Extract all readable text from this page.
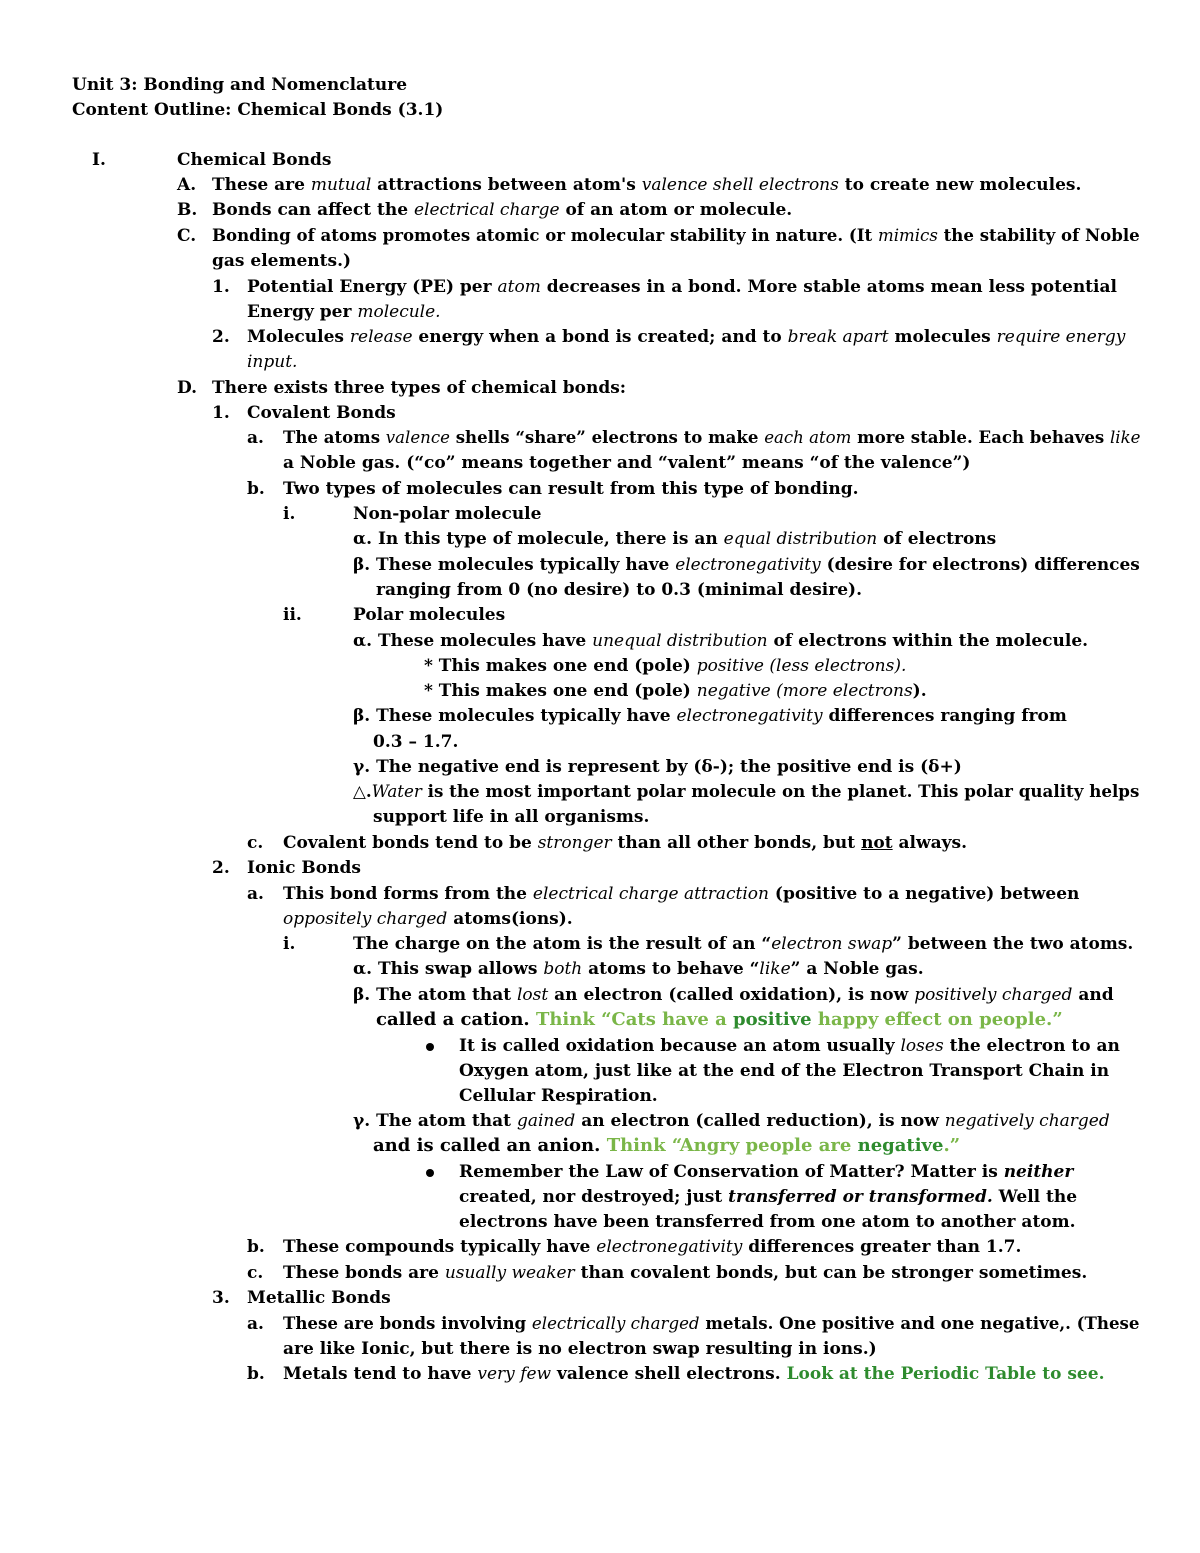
Unit 3: Bonding and Nomenclature
Content Outline: Chemical Bonds (3.1)
I.	Chemical Bonds
A. These are mutual attractions between atom's valence shell electrons to create new molecules.
B. Bonds can affect the electrical charge of an atom or molecule.
C. Bonding of atoms promotes atomic or molecular stability in nature. (It mimics the stability of Noble
gas elements.)
1. Potential Energy (PE) per atom decreases in a bond. More stable atoms mean less potential
Energy per molecule.
2. Molecules release energy when a bond is created; and to break apart molecules require energy
input.
D. There exists three types of chemical bonds:
1. Covalent Bonds
a. The atoms valence shells “share” electrons to make each atom more stable. Each behaves like
a Noble gas. (“co” means together and “valent” means “of the valence”)
b. Two types of molecules can result from this type of bonding.
i.	Non-polar molecule
α. In this type of molecule, there is an equal distribution of electrons
β. These molecules typically have electronegativity (desire for electrons) differences
ranging from 0 (no desire) to 0.3 (minimal desire).
ii.	Polar molecules
α. These molecules have unequal distribution of electrons within the molecule.
* This makes one end (pole) positive (less electrons).
* This makes one end (pole) negative (more electrons).
β. These molecules typically have electronegativity differences ranging from
0.3 – 1.7.
γ. The negative end is represent by (δ-); the positive end is (δ+)
△.Water is the most important polar molecule on the planet. This polar quality helps
support life in all organisms.
c. Covalent bonds tend to be stronger than all other bonds, but not always.
2. Ionic Bonds
a. This bond forms from the electrical charge attraction (positive to a negative) between
oppositely charged atoms(ions).
i.	The charge on the atom is the result of an “electron swap” between the two atoms.
α. This swap allows both atoms to behave “like” a Noble gas.
β. The atom that lost an electron (called oxidation), is now positively charged and
called a cation. Think “Cats have a positive happy effect on people.”
It is called oxidation because an atom usually loses the electron to an
Oxygen atom, just like at the end of the Electron Transport Chain in
Cellular Respiration.
γ. The atom that gained an electron (called reduction), is now negatively charged
and is called an anion. Think “Angry people are negative.”
Remember the Law of Conservation of Matter? Matter is neither
created, nor destroyed; just transferred or transformed. Well the
electrons have been transferred from one atom to another atom.
b. These compounds typically have electronegativity differences greater than 1.7.
c. These bonds are usually weaker than covalent bonds, but can be stronger sometimes.
3. Metallic Bonds
a. These are bonds involving electrically charged metals. One positive and one negative,. (These
are like Ionic, but there is no electron swap resulting in ions.)
b. Metals tend to have very few valence shell electrons. Look at the Periodic Table to see.
